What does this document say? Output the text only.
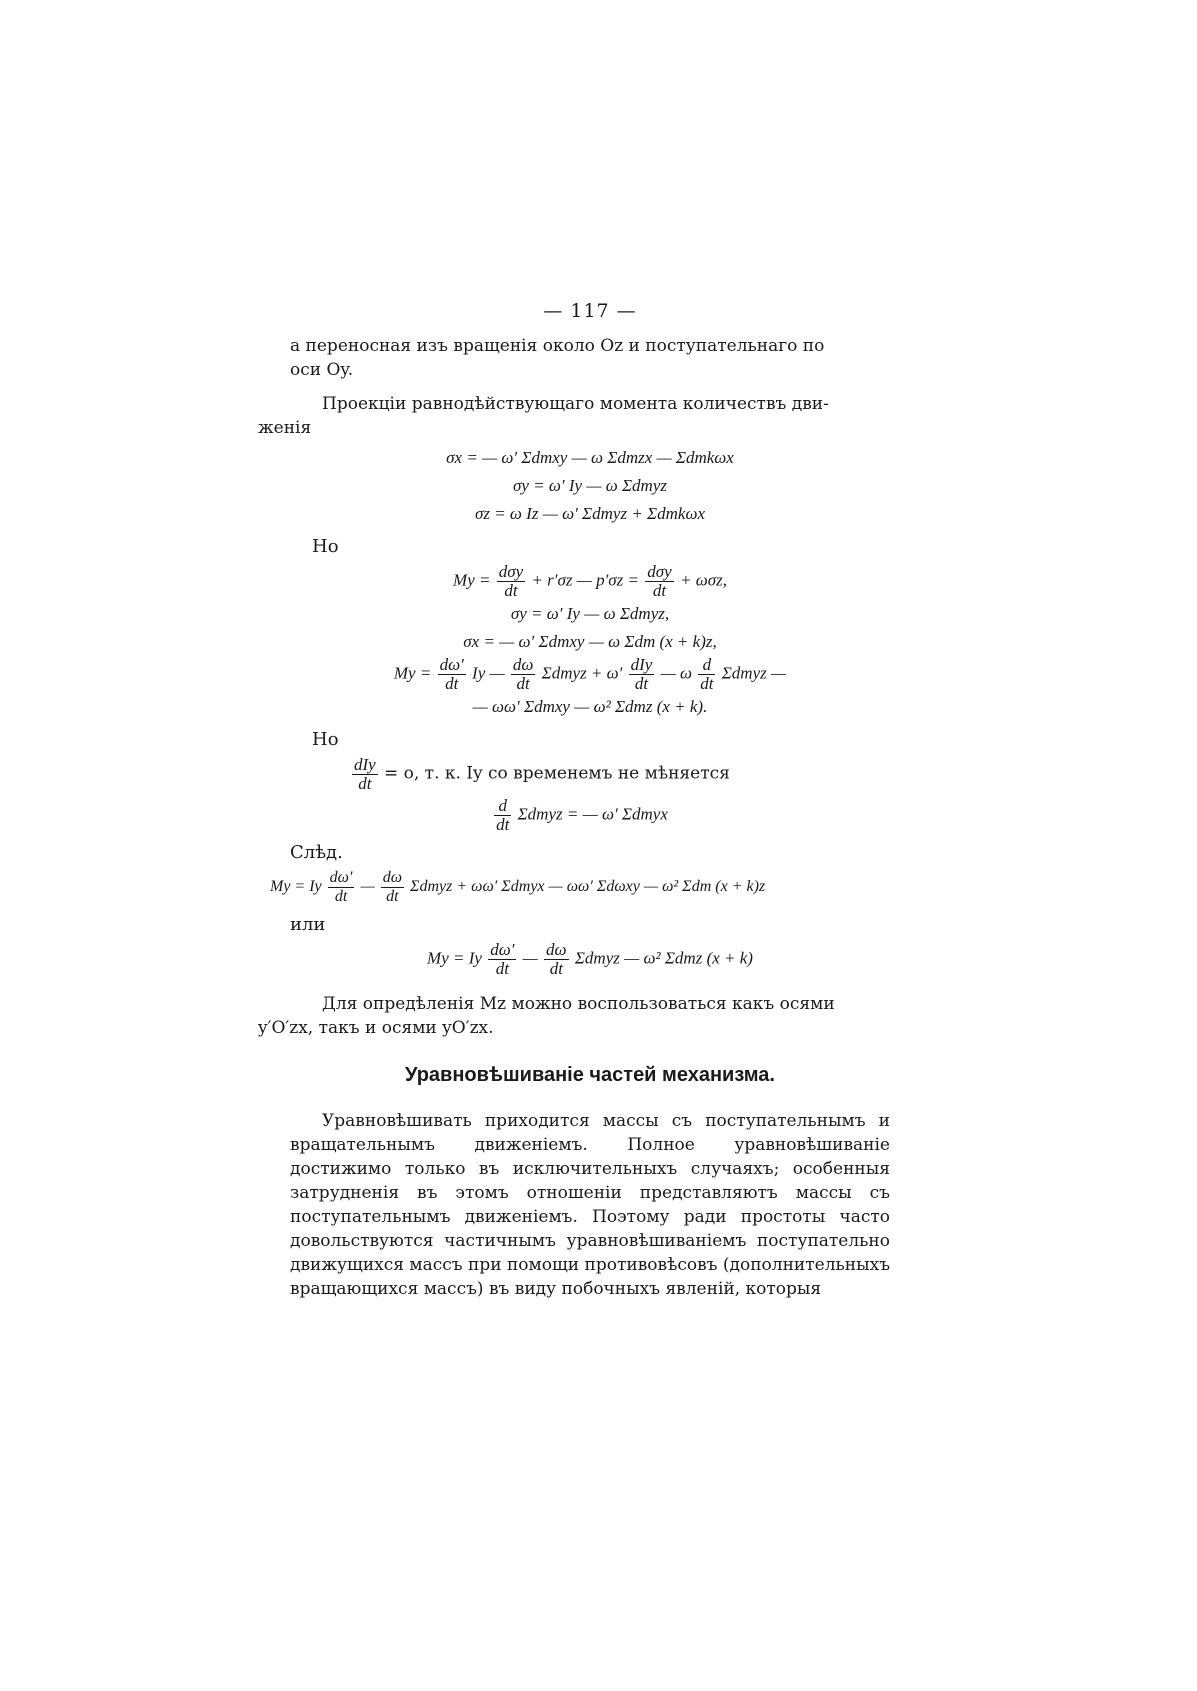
— 117 —

а переносная изъ вращенія около Oz и поступательнаго по
оси Oy.

Проекціи равнодѣйствующаго момента количествъ дви-
женія

σx = — ω′ Σdmxy — ω Σdmzx — Σdmkωx
σy = ω′ Iy — ω Σdmyz
σz = ω Iz — ω′ Σdmyz + Σdmkωx
Но
$My = \frac{\text{dσy}}{dt} + r'\sigma z$ — $p'\sigma z = \frac{\text{dσy}}{dt} + \omega\sigma z$,
σy = ω′ Iy — ω Σdmyz,
σx = — ω′ Σdmxy — ω Σdm (x + k)z,
$My = \frac{d\omega'}{dt}$ Iy — $\frac{d\omega}{dt}$ Σdmyz + $\omega' \frac{\text{dIy}}{dt}$ — ω $\frac{d}{dt}$ Σdmyz —
— ωω′ Σdmxy — ω² Σdmz (x + k).
Но
$\frac{\text{dIy}}{dt} = o$, т. к. Iy со временемъ не мѣняется
$\frac{d}{dt}$ Σdmyz = — ω′ Σdmyx
Слѣд.
My = Iy $\frac{d\omega'}{dt}$ — $\frac{d\omega}{dt}$ Σdmyz + ωω′ Σdmyx — ωω′ Σdωxy — ω² Σdm (x + k)z
или
My = Iy $\frac{d\omega'}{dt}$ — $\frac{d\omega}{dt}$ Σdmyz — ω² Σdmz (x + k)

Для опредѣленія Mz можно воспользоваться какъ осями
y′O′zx, такъ и осями yO′zx.

Уравновѣшиваніе частей механизма.

Уравновѣшивать приходится массы съ поступательнымъ и вращательнымъ движеніемъ. Полное уравновѣшиваніе достижимо только въ исключительныхъ случаяхъ; особенныя затрудненія въ этомъ отношеніи представляютъ массы съ поступательнымъ движеніемъ. Поэтому ради простоты часто довольствуются частичнымъ уравновѣшиваніемъ поступательно движущихся массъ при помощи противовѣсовъ (дополнительныхъ вращающихся массъ) въ виду побочныхъ явленій, которыя
